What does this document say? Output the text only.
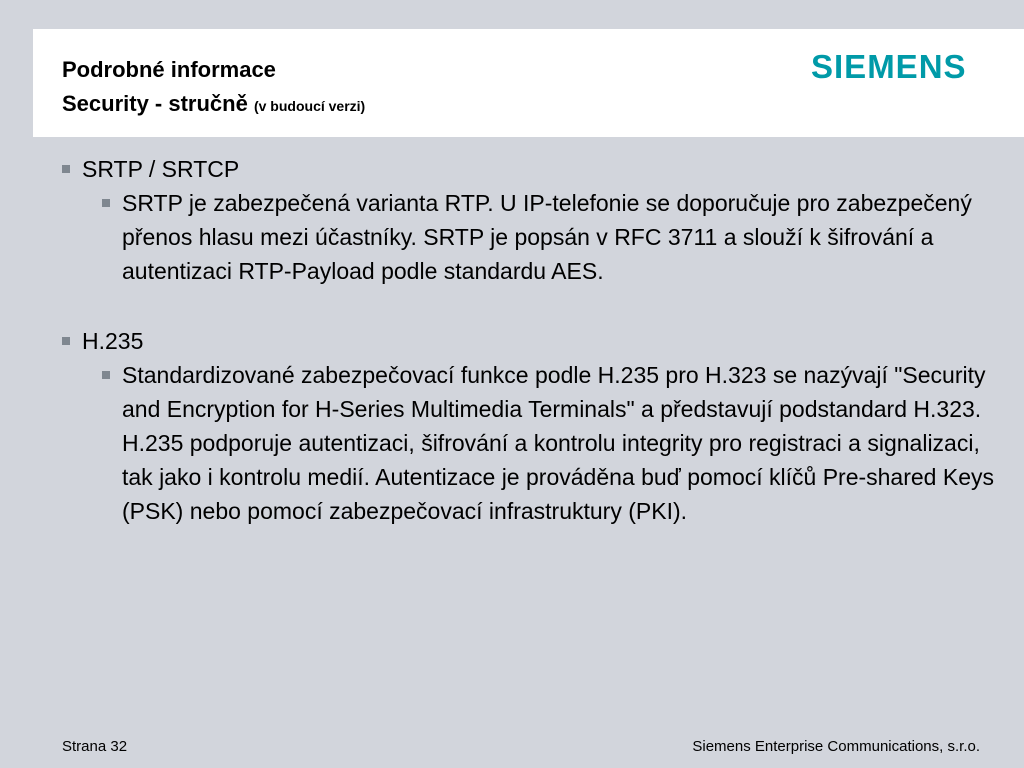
Podrobné informace
Security - stručně (v budoucí verzi)
SIEMENS
SRTP / SRTCP
SRTP je zabezpečená varianta RTP. U IP-telefonie se doporučuje pro zabezpečený přenos hlasu mezi účastníky. SRTP je popsán v RFC 3711 a slouží k šifrování a autentizaci RTP-Payload podle standardu AES.
H.235
Standardizované zabezpečovací funkce podle H.235 pro H.323 se nazývají "Security and Encryption for H-Series Multimedia Terminals" a představují podstandard H.323. H.235 podporuje autentizaci, šifrování a kontrolu integrity pro registraci a signalizaci, tak jako i kontrolu medií. Autentizace je prováděna buď pomocí klíčů Pre-shared Keys (PSK) nebo pomocí zabezpečovací infrastruktury (PKI).
Strana 32	Siemens Enterprise Communications, s.r.o.
